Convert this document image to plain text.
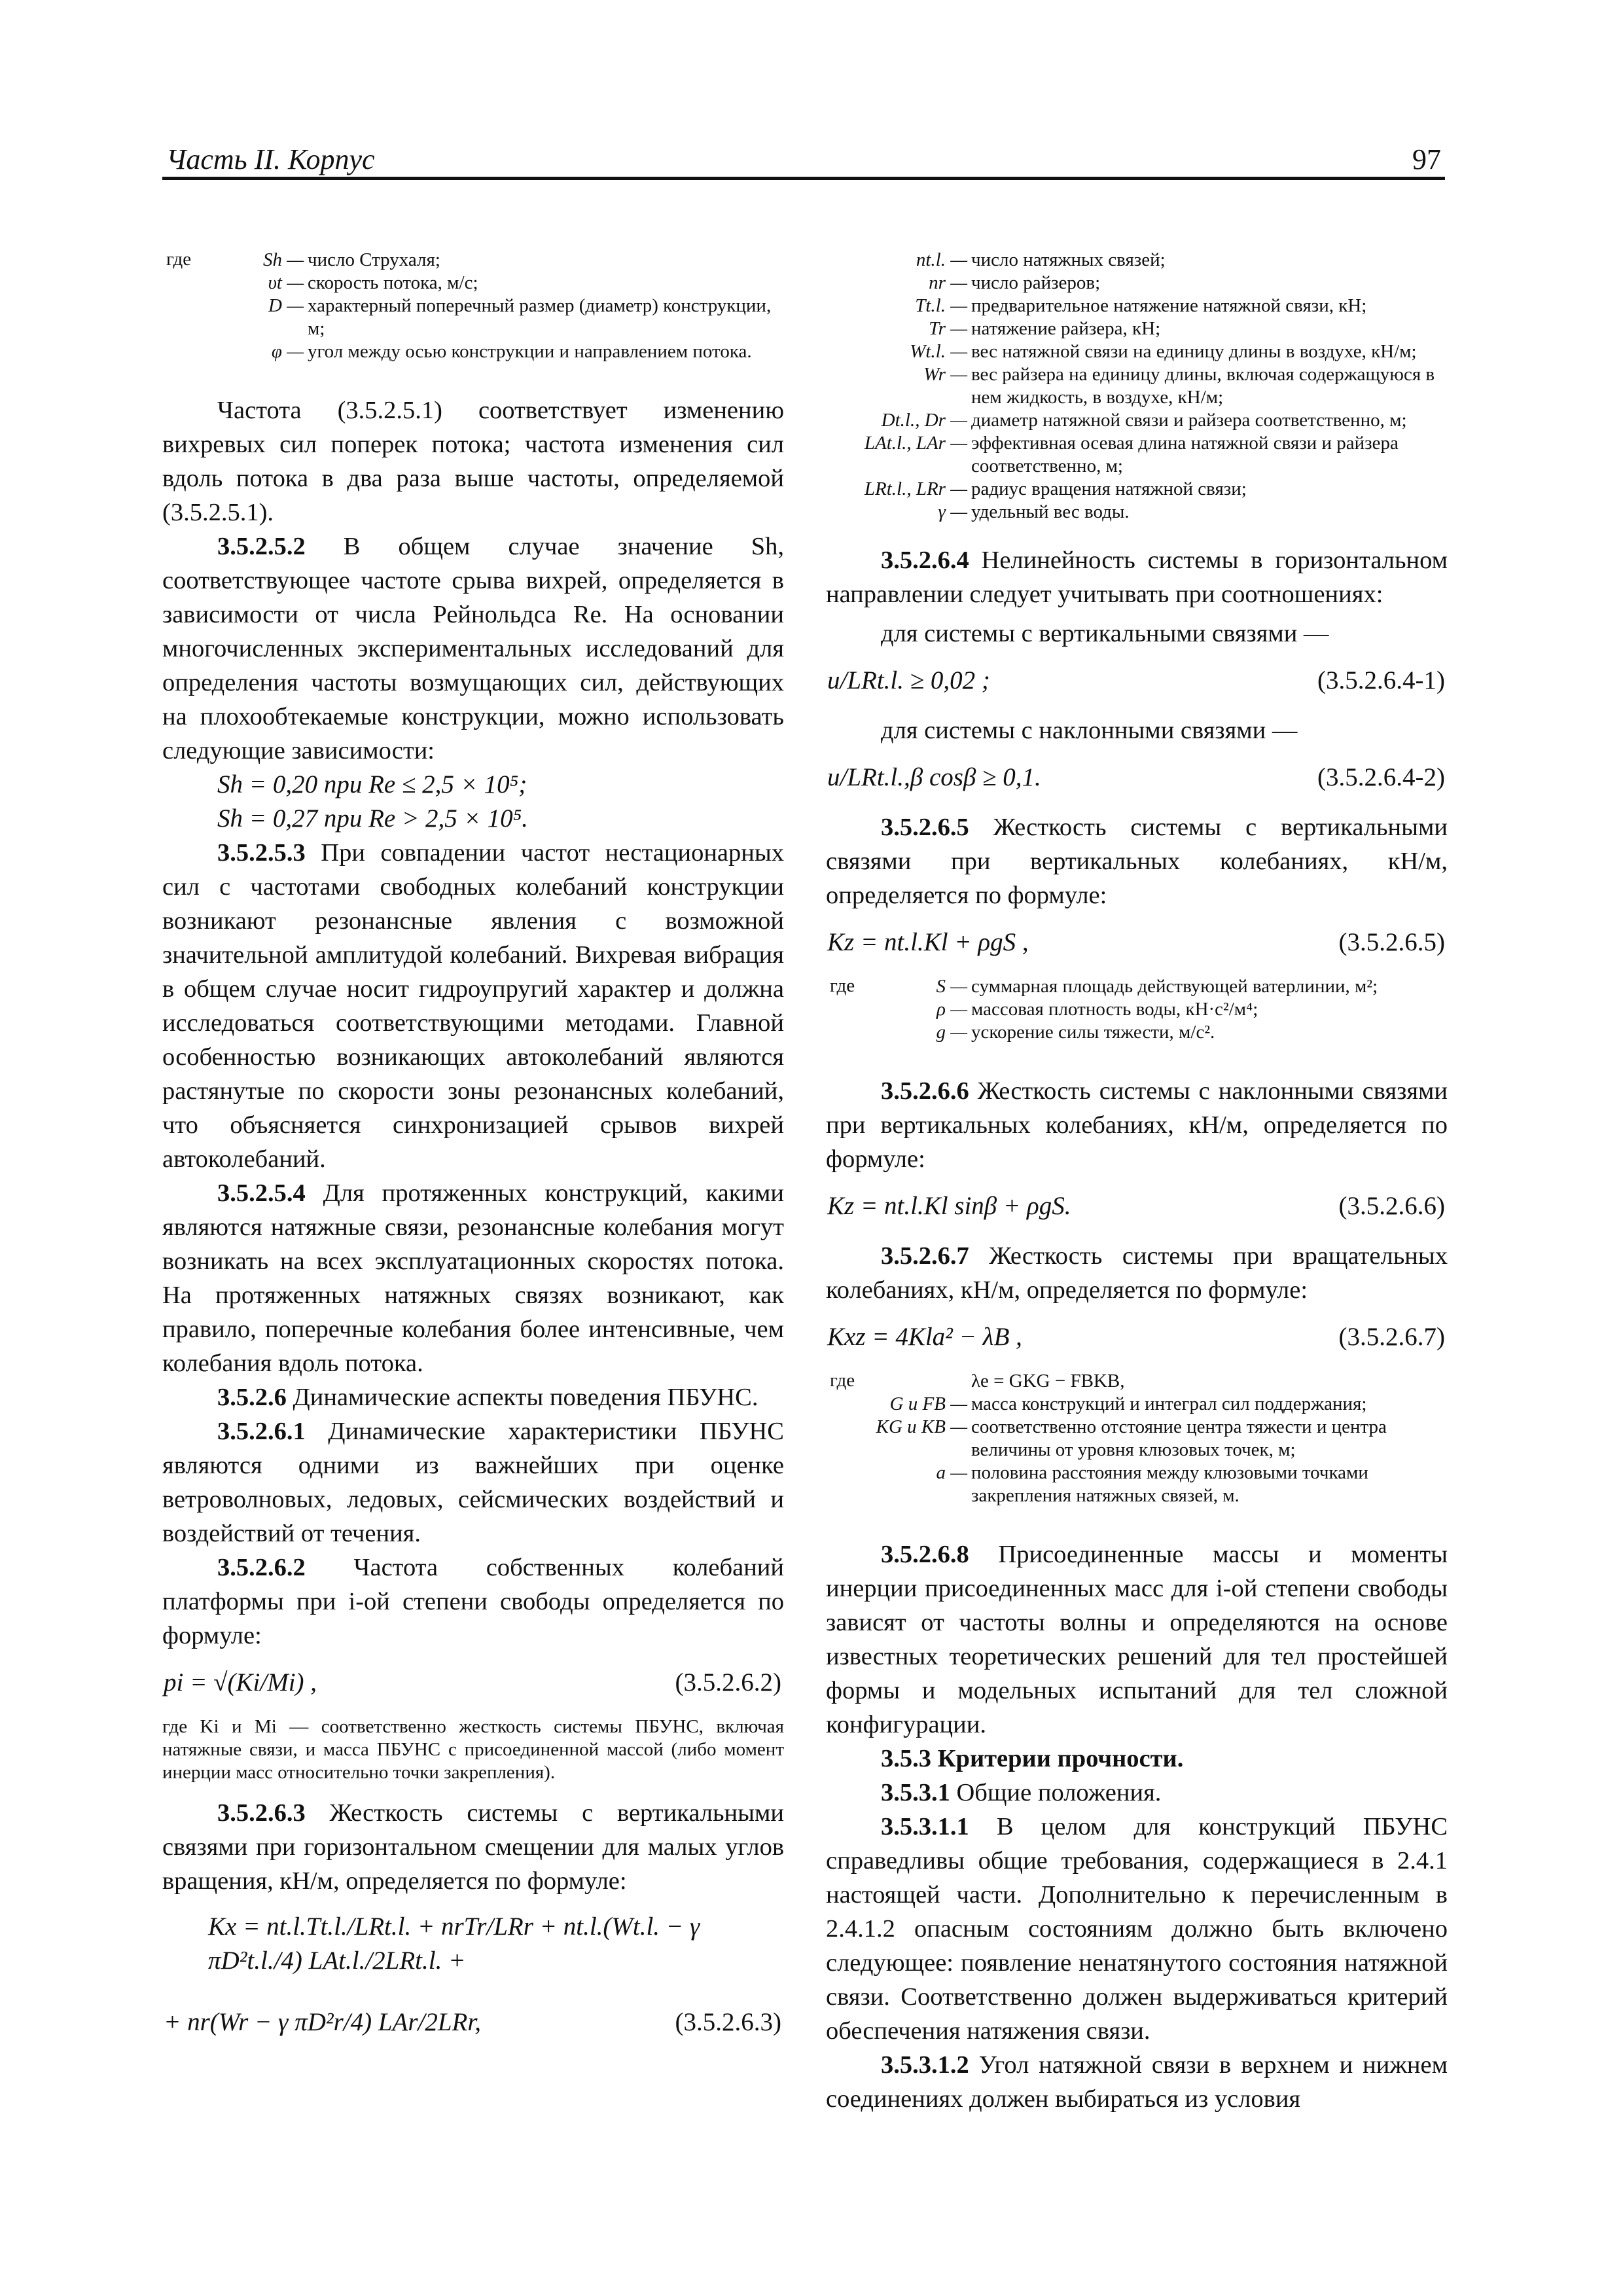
Часть II. Корпус	97
где	Sh — число Струхаля;
υt — скорость потока, м/с;
D — характерный поперечный размер (диаметр) конструкции, м;
φ — угол между осью конструкции и направлением потока.

Частота (3.5.2.5.1) соответствует изменению вихревых сил поперек потока; частота изменения сил вдоль потока в два раза выше частоты, определяемой (3.5.2.5.1).

3.5.2.5.2 В общем случае значение Sh, соответствующее частоте срыва вихрей, определяется в зависимости от числа Рейнольдса Re. На основании многочисленных экспериментальных исследований для определения частоты возмущающих сил, действующих на плохообтекаемые конструкции, можно использовать следующие зависимости:

Sh = 0,20 при Re ≤ 2,5 × 10⁵;

Sh = 0,27 при Re > 2,5 × 10⁵.

3.5.2.5.3 При совпадении частот нестационарных сил с частотами свободных колебаний конструкции возникают резонансные явления с возможной значительной амплитудой колебаний. Вихревая вибрация в общем случае носит гидроупругий характер и должна исследоваться соответствующими методами. Главной особенностью возникающих автоколебаний являются растянутые по скорости зоны резонансных колебаний, что объясняется синхронизацией срывов вихрей автоколебаний.

3.5.2.5.4 Для протяженных конструкций, какими являются натяжные связи, резонансные колебания могут возникать на всех эксплуатационных скоростях потока. На протяженных натяжных связях возникают, как правило, поперечные колебания более интенсивные, чем колебания вдоль потока.

3.5.2.6 Динамические аспекты поведения ПБУНС.

3.5.2.6.1 Динамические характеристики ПБУНС являются одними из важнейших при оценке ветроволновых, ледовых, сейсмических воздействий и воздействий от течения.

3.5.2.6.2 Частота собственных колебаний платформы при i-ой степени свободы определяется по формуле:

pi = √(Ki/Mi) ,	(3.5.2.6.2)

где Ki и Mi — соответственно жесткость системы ПБУНС, включая натяжные связи, и масса ПБУНС с присоединенной массой (либо момент инерции масс относительно точки закрепления).

3.5.2.6.3 Жесткость системы с вертикальными связями при горизонтальном смещении для малых углов вращения, кН/м, определяется по формуле:

Kx = nt.l.Tt.l./LRt.l. + nrTr/LRr + nt.l.(Wt.l. − γ πD²t.l./4) LAt.l./2LRt.l. +

+ nr(Wr − γ πD²r/4) LAr/2LRr,	(3.5.2.6.3)
nt.l. — число натяжных связей;
nr — число райзеров;
Tt.l. — предварительное натяжение натяжной связи, кН;
Tr — натяжение райзера, кН;
Wt.l. — вес натяжной связи на единицу длины в воздухе, кН/м;
Wr — вес райзера на единицу длины, включая содержащуюся в нем жидкость, в воздухе, кН/м;
Dt.l., Dr — диаметр натяжной связи и райзера соответственно, м;
LAt.l., LAr — эффективная осевая длина натяжной связи и райзера соответственно, м;
LRt.l., LRr — радиус вращения натяжной связи;
γ — удельный вес воды.

3.5.2.6.4 Нелинейность системы в горизонтальном направлении следует учитывать при соотношениях:

для системы с вертикальными связями —

u/LRt.l. ≥ 0,02 ;	(3.5.2.6.4-1)

для системы с наклонными связями —

u/LRt.l.,β cosβ ≥ 0,1.	(3.5.2.6.4-2)

3.5.2.6.5 Жесткость системы с вертикальными связями при вертикальных колебаниях, кН/м, определяется по формуле:

Kz = nt.l.Kl + ρgS ,	(3.5.2.6.5)
где	S — суммарная площадь действующей ватерлинии, м²;
ρ — массовая плотность воды, кН·с²/м⁴;
g — ускорение силы тяжести, м/с².

3.5.2.6.6 Жесткость системы с наклонными связями при вертикальных колебаниях, кН/м, определяется по формуле:

Kz = nt.l.Kl sinβ + ρgS.	(3.5.2.6.6)

3.5.2.6.7 Жесткость системы при вращательных колебаниях, кН/м, определяется по формуле:

Kxz = 4Kla² − λB ,	(3.5.2.6.7)
где	λe = GKG − FBKB,
G и FB — масса конструкций и интеграл сил поддержания;
KG и KB — соответственно отстояние центра тяжести и центра величины от уровня клюзовых точек, м;
a — половина расстояния между клюзовыми точками закрепления натяжных связей, м.

3.5.2.6.8 Присоединенные массы и моменты инерции присоединенных масс для i-ой степени свободы зависят от частоты волны и определяются на основе известных теоретических решений для тел простейшей формы и модельных испытаний для тел сложной конфигурации.

3.5.3 Критерии прочности.

3.5.3.1 Общие положения.

3.5.3.1.1 В целом для конструкций ПБУНС справедливы общие требования, содержащиеся в 2.4.1 настоящей части. Дополнительно к перечисленным в 2.4.1.2 опасным состояниям должно быть включено следующее: появление ненатянутого состояния натяжной связи. Соответственно должен выдерживаться критерий обеспечения натяжения связи.

3.5.3.1.2 Угол натяжной связи в верхнем и нижнем соединениях должен выбираться из условия
